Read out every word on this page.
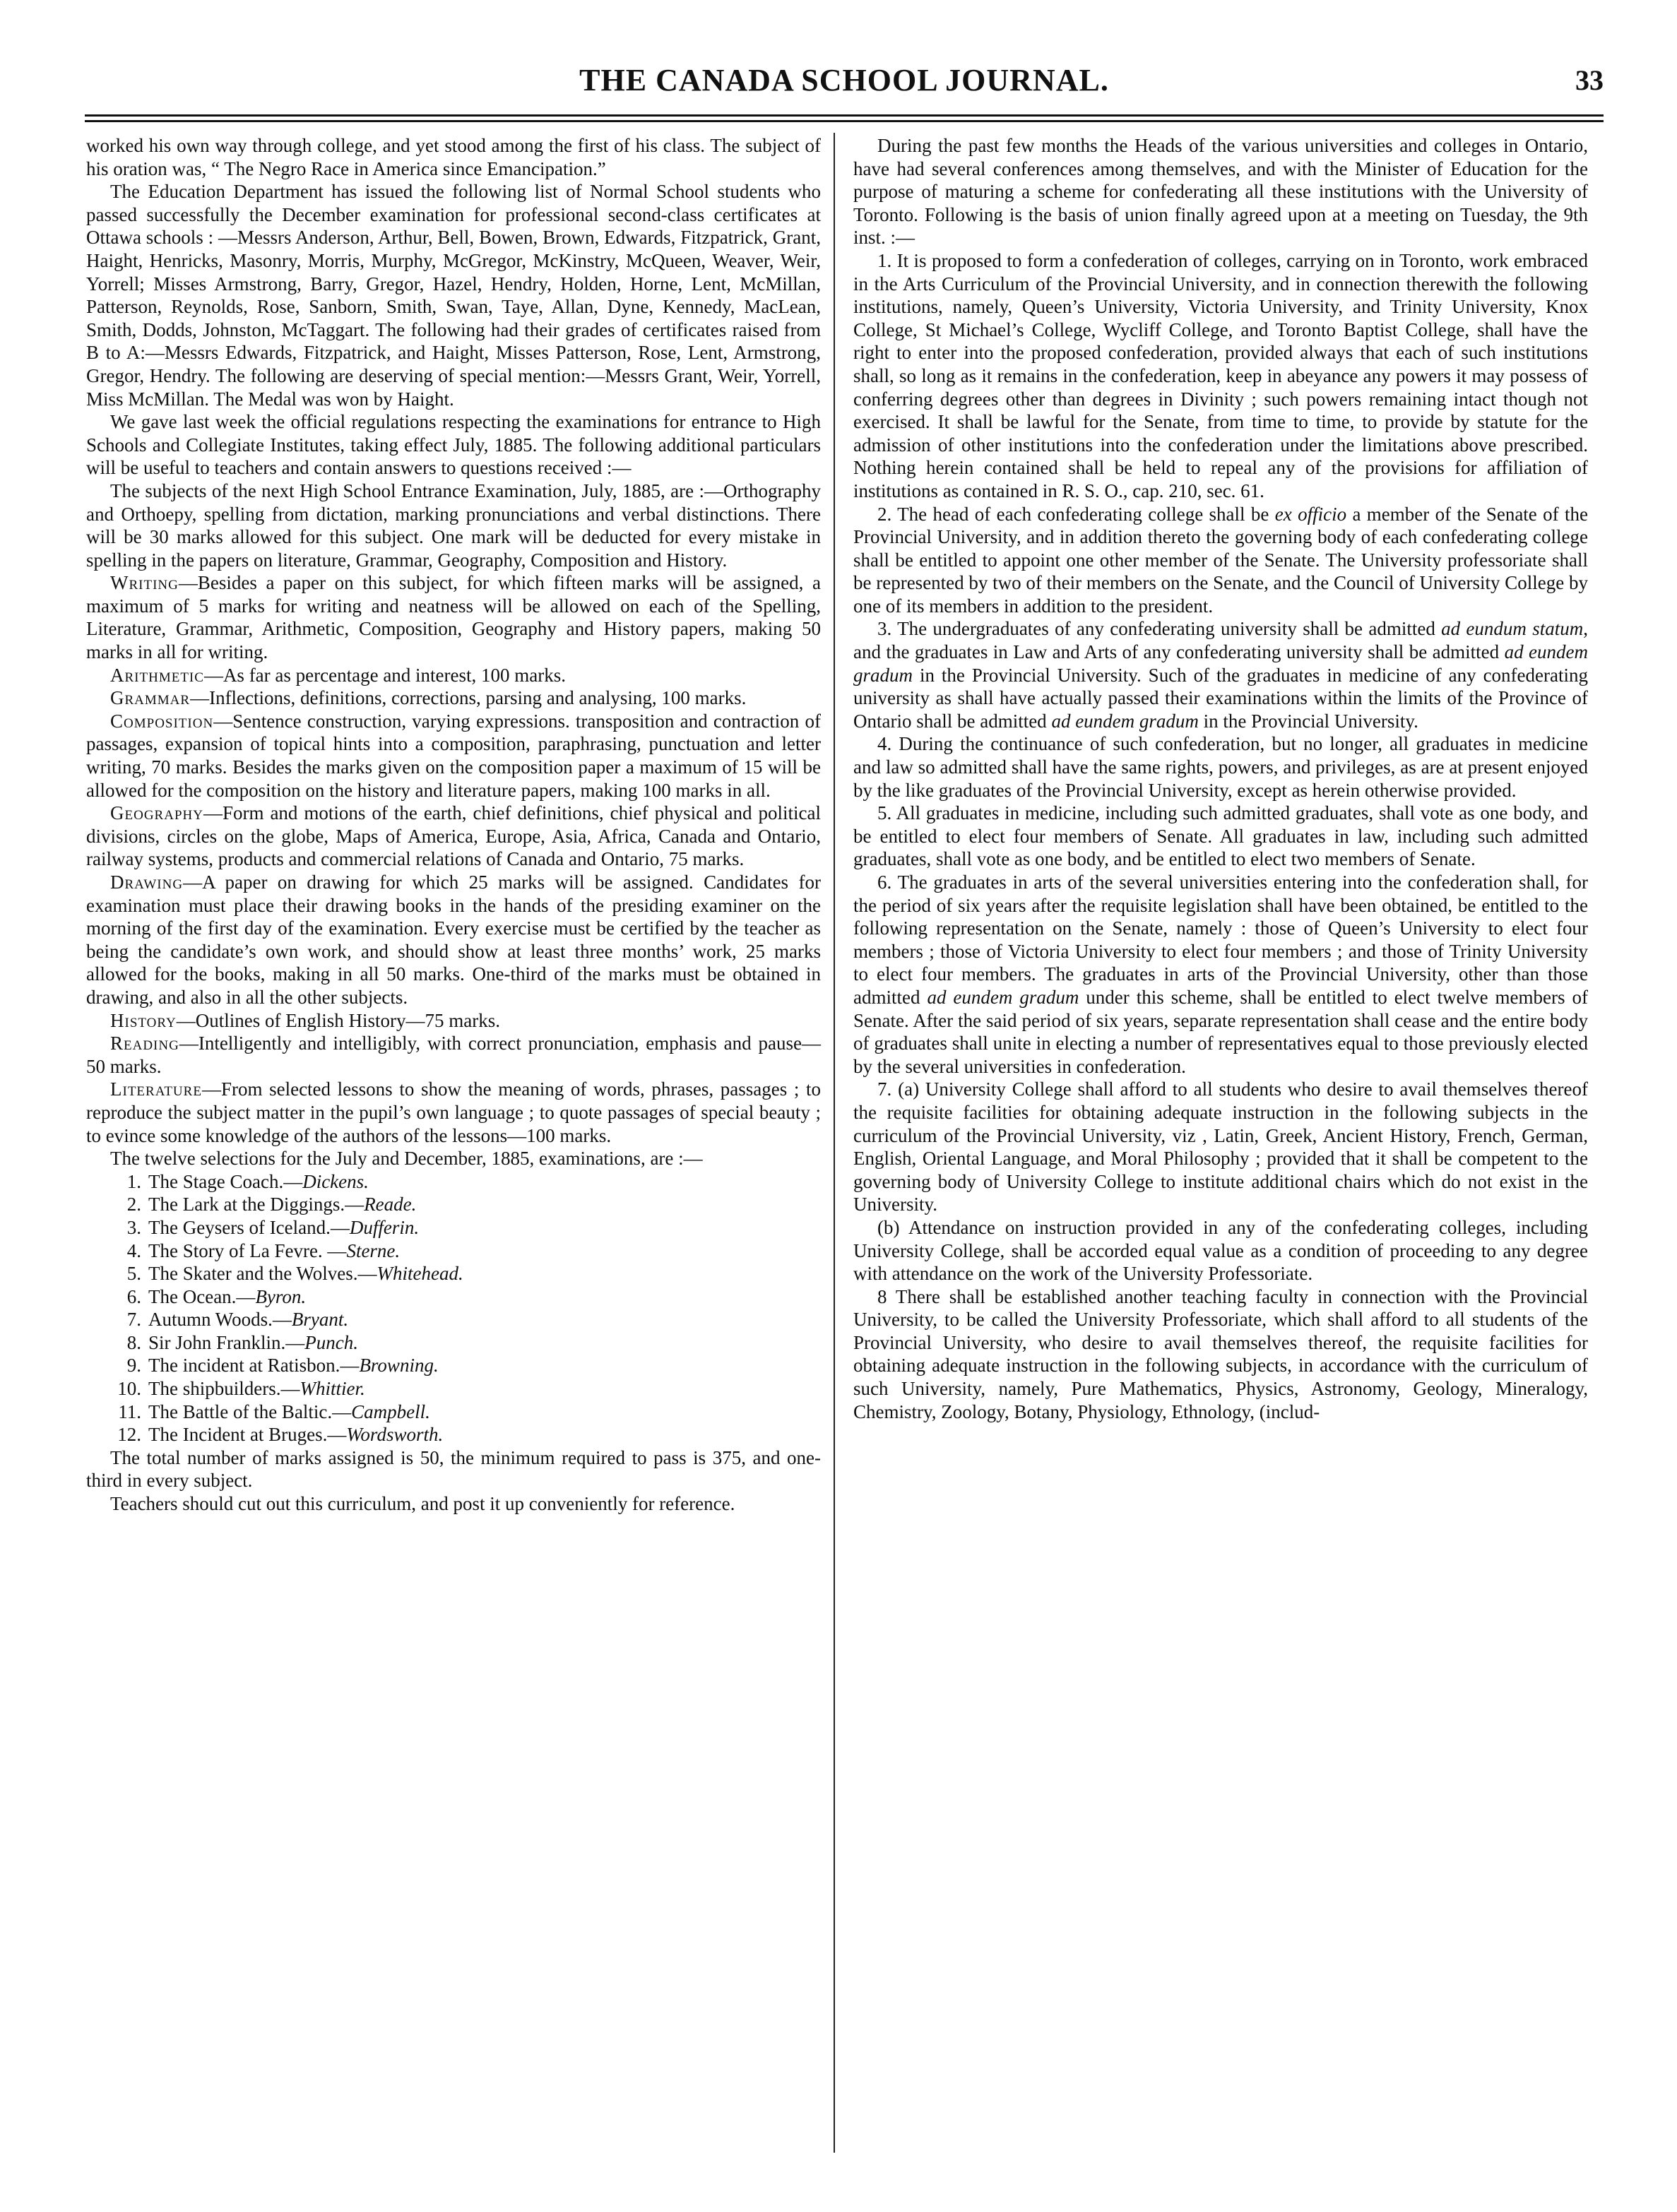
THE CANADA SCHOOL JOURNAL.	33

worked his own way through college, and yet stood among the first of his class. The subject of his oration was, “ The Negro Race in America since Emancipation.”

The Education Department has issued the following list of Normal School students who passed successfully the December examination for professional second-class certificates at Ottawa schools : —Messrs Anderson, Arthur, Bell, Bowen, Brown, Edwards, Fitzpatrick, Grant, Haight, Henricks, Masonry, Morris, Murphy, McGregor, McKinstry, McQueen, Weaver, Weir, Yorrell; Misses Armstrong, Barry, Gregor, Hazel, Hendry, Holden, Horne, Lent, McMillan, Patterson, Reynolds, Rose, Sanborn, Smith, Swan, Taye, Allan, Dyne, Kennedy, MacLean, Smith, Dodds, Johnston, McTaggart. The following had their grades of certificates raised from B to A:—Messrs Edwards, Fitzpatrick, and Haight, Misses Patterson, Rose, Lent, Armstrong, Gregor, Hendry. The following are deserving of special mention:—Messrs Grant, Weir, Yorrell, Miss McMillan. The Medal was won by Haight.

We gave last week the official regulations respecting the examinations for entrance to High Schools and Collegiate Institutes, taking effect July, 1885. The following additional particulars will be useful to teachers and contain answers to questions received :—

The subjects of the next High School Entrance Examination, July, 1885, are :—Orthography and Orthoepy, spelling from dictation, marking pronunciations and verbal distinctions. There will be 30 marks allowed for this subject. One mark will be deducted for every mistake in spelling in the papers on literature, Grammar, Geography, Composition and History.

Writing—Besides a paper on this subject, for which fifteen marks will be assigned, a maximum of 5 marks for writing and neatness will be allowed on each of the Spelling, Literature, Grammar, Arithmetic, Composition, Geography and History papers, making 50 marks in all for writing.

Arithmetic—As far as percentage and interest, 100 marks.

Grammar—Inflections, definitions, corrections, parsing and analysing, 100 marks.

Composition—Sentence construction, varying expressions. transposition and contraction of passages, expansion of topical hints into a composition, paraphrasing, punctuation and letter writing, 70 marks. Besides the marks given on the composition paper a maximum of 15 will be allowed for the composition on the history and literature papers, making 100 marks in all.

Geography—Form and motions of the earth, chief definitions, chief physical and political divisions, circles on the globe, Maps of America, Europe, Asia, Africa, Canada and Ontario, railway systems, products and commercial relations of Canada and Ontario, 75 marks.

Drawing—A paper on drawing for which 25 marks will be assigned. Candidates for examination must place their drawing books in the hands of the presiding examiner on the morning of the first day of the examination. Every exercise must be certified by the teacher as being the candidate’s own work, and should show at least three months’ work, 25 marks allowed for the books, making in all 50 marks. One-third of the marks must be obtained in drawing, and also in all the other subjects.

History—Outlines of English History—75 marks.

Reading—Intelligently and intelligibly, with correct pronunciation, emphasis and pause—50 marks.

Literature—From selected lessons to show the meaning of words, phrases, passages ; to reproduce the subject matter in the pupil’s own language ; to quote passages of special beauty ; to evince some knowledge of the authors of the lessons—100 marks.

The twelve selections for the July and December, 1885, examinations, are :—

1. The Stage Coach.—Dickens.
2. The Lark at the Diggings.—Reade.
3. The Geysers of Iceland.—Dufferin.
4. The Story of La Fevre. —Sterne.
5. The Skater and the Wolves.—Whitehead.
6. The Ocean.—Byron.
7. Autumn Woods.—Bryant.
8. Sir John Franklin.—Punch.
9. The incident at Ratisbon.—Browning.
10. The shipbuilders.—Whittier.
11. The Battle of the Baltic.—Campbell.
12. The Incident at Bruges.—Wordsworth.

The total number of marks assigned is 50, the minimum required to pass is 375, and one-third in every subject.

Teachers should cut out this curriculum, and post it up conveniently for reference.

During the past few months the Heads of the various universities and colleges in Ontario, have had several conferences among themselves, and with the Minister of Education for the purpose of maturing a scheme for confederating all these institutions with the University of Toronto. Following is the basis of union finally agreed upon at a meeting on Tuesday, the 9th inst. :—

1. It is proposed to form a confederation of colleges, carrying on in Toronto, work embraced in the Arts Curriculum of the Provincial University, and in connection therewith the following institutions, namely, Queen’s University, Victoria University, and Trinity University, Knox College, St Michael’s College, Wycliff College, and Toronto Baptist College, shall have the right to enter into the proposed confederation, provided always that each of such institutions shall, so long as it remains in the confederation, keep in abeyance any powers it may possess of conferring degrees other than degrees in Divinity ; such powers remaining intact though not exercised. It shall be lawful for the Senate, from time to time, to provide by statute for the admission of other institutions into the confederation under the limitations above prescribed. Nothing herein contained shall be held to repeal any of the provisions for affiliation of institutions as contained in R. S. O., cap. 210, sec. 61.

2. The head of each confederating college shall be ex officio a member of the Senate of the Provincial University, and in addition thereto the governing body of each confederating college shall be entitled to appoint one other member of the Senate. The University professoriate shall be represented by two of their members on the Senate, and the Council of University College by one of its members in addition to the president.

3. The undergraduates of any confederating university shall be admitted ad eundum statum, and the graduates in Law and Arts of any confederating university shall be admitted ad eundem gradum in the Provincial University. Such of the graduates in medicine of any confederating university as shall have actually passed their examinations within the limits of the Province of Ontario shall be admitted ad eundem gradum in the Provincial University.

4. During the continuance of such confederation, but no longer, all graduates in medicine and law so admitted shall have the same rights, powers, and privileges, as are at present enjoyed by the like graduates of the Provincial University, except as herein otherwise provided.

5. All graduates in medicine, including such admitted graduates, shall vote as one body, and be entitled to elect four members of Senate. All graduates in law, including such admitted graduates, shall vote as one body, and be entitled to elect two members of Senate.

6. The graduates in arts of the several universities entering into the confederation shall, for the period of six years after the requisite legislation shall have been obtained, be entitled to the following representation on the Senate, namely : those of Queen’s University to elect four members ; those of Victoria University to elect four members ; and those of Trinity University to elect four members. The graduates in arts of the Provincial University, other than those admitted ad eundem gradum under this scheme, shall be entitled to elect twelve members of Senate. After the said period of six years, separate representation shall cease and the entire body of graduates shall unite in electing a number of representatives equal to those previously elected by the several universities in confederation.

7. (a) University College shall afford to all students who desire to avail themselves thereof the requisite facilities for obtaining adequate instruction in the following subjects in the curriculum of the Provincial University, viz , Latin, Greek, Ancient History, French, German, English, Oriental Language, and Moral Philosophy ; provided that it shall be competent to the governing body of University College to institute additional chairs which do not exist in the University.

(b) Attendance on instruction provided in any of the confederating colleges, including University College, shall be accorded equal value as a condition of proceeding to any degree with attendance on the work of the University Professoriate.

8 There shall be established another teaching faculty in connection with the Provincial University, to be called the University Professoriate, which shall afford to all students of the Provincial University, who desire to avail themselves thereof, the requisite facilities for obtaining adequate instruction in the following subjects, in accordance with the curriculum of such University, namely, Pure Mathematics, Physics, Astronomy, Geology, Mineralogy, Chemistry, Zoology, Botany, Physiology, Ethnology, (includ-
